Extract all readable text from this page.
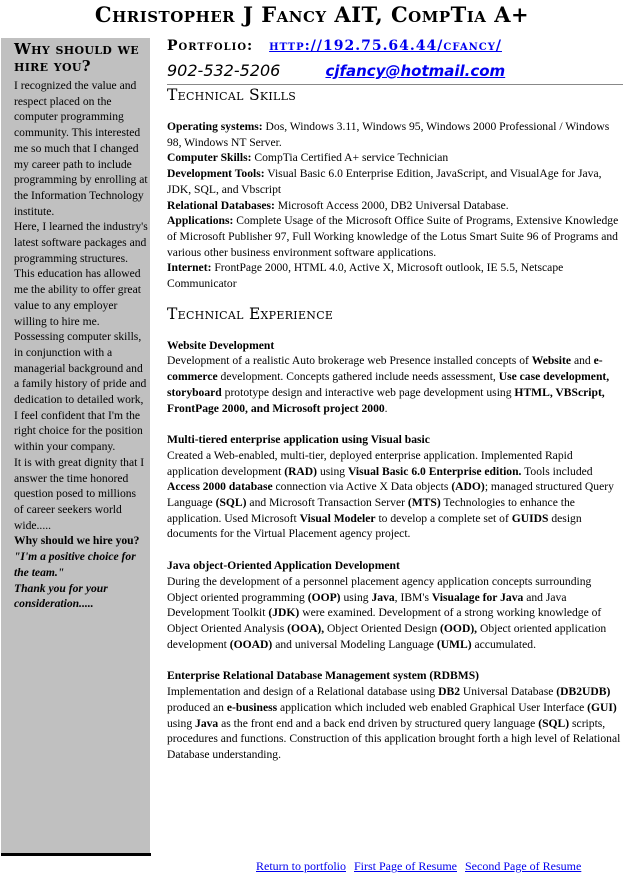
Christopher J Fancy AIT, CompTia A+
Why should we hire you?

I recognized the value and respect placed on the computer programming community. This interested me so much that I changed my career path to include programming by enrolling at the Information Technology institute.

Here, I learned the industry's latest software packages and programming structures. This education has allowed me the ability to offer great value to any employer willing to hire me.

Possessing computer skills, in conjunction with a managerial background and a family history of pride and dedication to detailed work, I feel confident that I'm the right choice for the position within your company.

It is with great dignity that I answer the time honored question posed to millions of career seekers world wide.....

Why should we hire you?

"I'm a positive choice for the team."

Thank you for your consideration.....

Portfolio: http://192.75.64.44/cfancy/
902-532-5206	cjfancy@hotmail.com
Technical Skills

Operating systems: Dos, Windows 3.11, Windows 95, Windows 2000 Professional / Windows 98, Windows NT Server.

Computer Skills: CompTia Certified A+ service Technician

Development Tools: Visual Basic 6.0 Enterprise Edition, JavaScript, and VisualAge for Java, JDK, SQL, and Vbscript

Relational Databases: Microsoft Access 2000, DB2 Universal Database.

Applications: Complete Usage of the Microsoft Office Suite of Programs, Extensive Knowledge of Microsoft Publisher 97, Full Working knowledge of the Lotus Smart Suite 96 of Programs and various other business environment software applications.

Internet: FrontPage 2000, HTML 4.0, Active X, Microsoft outlook, IE 5.5, Netscape Communicator

Technical Experience
Website Development
Development of a realistic Auto brokerage web Presence installed concepts of Website and e-commerce development. Concepts gathered include needs assessment, Use case development, storyboard prototype design and interactive web page development using HTML, VBScript, FrontPage 2000, and Microsoft project 2000.
Multi-tiered enterprise application using Visual basic
Created a Web-enabled, multi-tier, deployed enterprise application. Implemented Rapid application development (RAD) using Visual Basic 6.0 Enterprise edition. Tools included Access 2000 database connection via Active X Data objects (ADO); managed structured Query Language (SQL) and Microsoft Transaction Server (MTS) Technologies to enhance the application. Used Microsoft Visual Modeler to develop a complete set of GUIDS design documents for the Virtual Placement agency project.
Java object-Oriented Application Development
During the development of a personnel placement agency application concepts surrounding Object oriented programming (OOP) using Java, IBM's Visualage for Java and Java Development Toolkit (JDK) were examined. Development of a strong working knowledge of Object Oriented Analysis (OOA), Object Oriented Design (OOD), Object oriented application development (OOAD) and universal Modeling Language (UML) accumulated.
Enterprise Relational Database Management system (RDBMS)
Implementation and design of a Relational database using DB2 Universal Database (DB2UDB) produced an e-business application which included web enabled Graphical User Interface (GUI) using Java as the front end and a back end driven by structured query language (SQL) scripts, procedures and functions. Construction of this application brought forth a high level of Relational Database understanding.
Return to portfolio First Page of Resume Second Page of Resume
